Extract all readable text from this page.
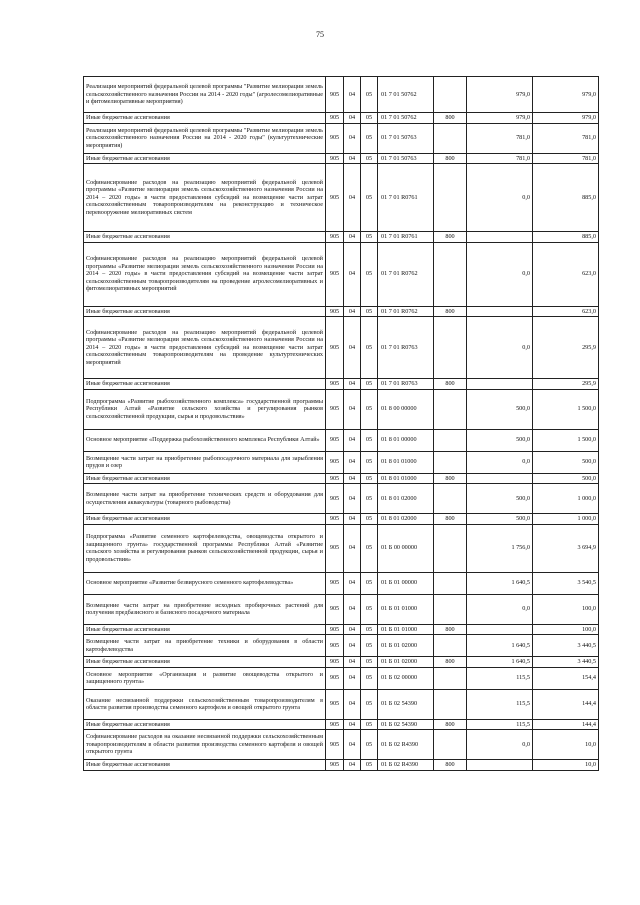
75
Реализация мероприятий федеральной целевой программы "Развитие мелиорации земель сельскохозяйственного назначения России на 2014 - 2020 годы" (агролесомелиоративные и фитомелиоративные мероприятия)	905	04	05	01 7 01 50762		979,0	979,0
Иные бюджетные ассигнования	905	04	05	01 7 01 50762	800	979,0	979,0
Реализация мероприятий федеральной целевой программы "Развитие мелиорации земель сельскохозяйственного назначения России на 2014 - 2020 годы" (культуртехнические мероприятия)	905	04	05	01 7 01 50763		781,0	781,0
Иные бюджетные ассигнования	905	04	05	01 7 01 50763	800	781,0	781,0
Софинансирование расходов на реализацию мероприятий федеральной целевой программы «Развитие мелиорации земель сельскохозяйственного назначения России на 2014 – 2020 годы» в части предоставления субсидий на возмещение части затрат сельскохозяйственным товаропроизводителям на реконструкцию и техническое перевооружение мелиоративных систем	905	04	05	01 7 01 R0761		0,0	885,0
Иные бюджетные ассигнования	905	04	05	01 7 01 R0761	800		885,0
Софинансирование расходов на реализацию мероприятий федеральной целевой программы «Развитие мелиорации земель сельскохозяйственного назначения России на 2014 – 2020 годы» в части предоставления субсидий на возмещение части затрат сельскохозяйственным товаропроизводителям на проведение агролесомелиоративных и фитомелиоративных мероприятий	905	04	05	01 7 01 R0762		0,0	623,0
Иные бюджетные ассигнования	905	04	05	01 7 01 R0762	800		623,0
Софинансирование расходов на реализацию мероприятий федеральной целевой программы «Развитие мелиорации земель сельскохозяйственного назначения России на 2014 – 2020 годы» в части предоставления субсидий на возмещение части затрат сельскохозяйственным товаропроизводителям на проведение культуртехнических мероприятий	905	04	05	01 7 01 R0763		0,0	295,9
Иные бюджетные ассигнования	905	04	05	01 7 01 R0763	800		295,9
Подпрограмма «Развитие рыбохозяйственного комплекса» государственной программы Республики Алтай «Развитие сельского хозяйства и регулирования рынков сельскохозяйственной продукции, сырья и продовольствия»	905	04	05	01 8 00 00000		500,0	1 500,0
Основное мероприятие «Поддержка рыбохозяйственного комплекса Республики Алтай»	905	04	05	01 8 01 00000		500,0	1 500,0
Возмещение части затрат на приобретение рыбопосадочного материала для зарыбления прудов и озер	905	04	05	01 8 01 01000		0,0	500,0
Иные бюджетные ассигнования	905	04	05	01 8 01 01000	800		500,0
Возмещение части затрат на приобретение технических средств и оборудования для осуществления аквакультуры (товарного рыбоводства)	905	04	05	01 8 01 02000		500,0	1 000,0
Иные бюджетные ассигнования	905	04	05	01 8 01 02000	800	500,0	1 000,0
Подпрограмма «Развитие семенного картофелеводства, овощеводства открытого и защищенного грунта» государственной программы Республики Алтай «Развитие сельского хозяйства и регулирования рынков сельскохозяйственной продукции, сырья и продовольствия»	905	04	05	01 Б 00 00000		1 756,0	3 694,9
Основное мероприятие «Развитие безвирусного семенного картофелеводства»	905	04	05	01 Б 01 00000		1 640,5	3 540,5
Возмещение части затрат на приобретение исходных пробирочных растений для получения предбазисного и базисного посадочного материала	905	04	05	01 Б 01 01000		0,0	100,0
Иные бюджетные ассигнования	905	04	05	01 Б 01 01000	800		100,0
Возмещение части затрат на приобретение техники и оборудования в области картофелеводства	905	04	05	01 Б 01 02000		1 640,5	3 440,5
Иные бюджетные ассигнования	905	04	05	01 Б 01 02000	800	1 640,5	3 440,5
Основное мероприятие «Организация и развитие овощеводства открытого и защищенного грунта»	905	04	05	01 Б 02 00000		115,5	154,4
Оказание несвязанной поддержки сельскохозяйственным товаропроизводителям в области развития производства семенного картофеля и овощей открытого грунта	905	04	05	01 Б 02 54390		115,5	144,4
Иные бюджетные ассигнования	905	04	05	01 Б 02 54390	800	115,5	144,4
Софинансирование расходов на оказание несвязанной поддержки сельскохозяйственным товаропроизводителям в области развития производства семенного картофеля и овощей открытого грунта	905	04	05	01 Б 02 R4390		0,0	10,0
Иные бюджетные ассигнования	905	04	05	01 Б 02 R4390	800		10,0
